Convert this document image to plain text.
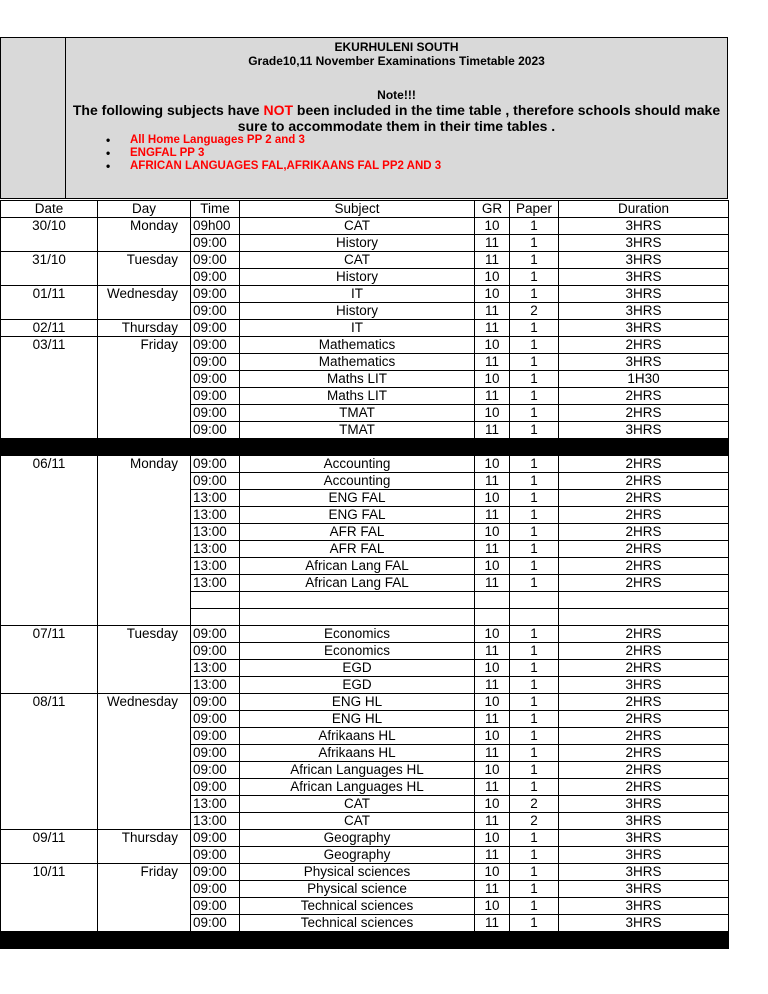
EKURHULENI SOUTH
Grade10,11 November Examinations Timetable 2023
Note!!!
The following subjects have NOT been included in the time table , therefore schools should make
sure to accommodate them in their time tables .
• All Home Languages PP 2 and 3
• ENGFAL PP 3
• AFRICAN LANGUAGES FAL,AFRIKAANS FAL PP2 AND 3
Date	Day	Time	Subject	GR	Paper	Duration
30/10	Monday	09h00	CAT	10	1	3HRS
		09:00	History	11	1	3HRS
31/10	Tuesday	09:00	CAT	11	1	3HRS
		09:00	History	10	1	3HRS
01/11	Wednesday	09:00	IT	10	1	3HRS
		09:00	History	11	2	3HRS
02/11	Thursday	09:00	IT	11	1	3HRS
03/11	Friday	09:00	Mathematics	10	1	2HRS
		09:00	Mathematics	11	1	3HRS
		09:00	Maths LIT	10	1	1H30
		09:00	Maths LIT	11	1	2HRS
		09:00	TMAT	10	1	2HRS
		09:00	TMAT	11	1	3HRS

06/11	Monday	09:00	Accounting	10	1	2HRS
		09:00	Accounting	11	1	2HRS
		13:00	ENG FAL	10	1	2HRS
		13:00	ENG FAL	11	1	2HRS
		13:00	AFR FAL	10	1	2HRS
		13:00	AFR FAL	11	1	2HRS
		13:00	African Lang FAL	10	1	2HRS
		13:00	African Lang FAL	11	1	2HRS

07/11	Tuesday	09:00	Economics	10	1	2HRS
		09:00	Economics	11	1	2HRS
		13:00	EGD	10	1	2HRS
		13:00	EGD	11	1	3HRS
08/11	Wednesday	09:00	ENG HL	10	1	2HRS
		09:00	ENG HL	11	1	2HRS
		09:00	Afrikaans HL	10	1	2HRS
		09:00	Afrikaans HL	11	1	2HRS
		09:00	African Languages HL	10	1	2HRS
		09:00	African Languages HL	11	1	2HRS
		13:00	CAT	10	2	3HRS
		13:00	CAT	11	2	3HRS
09/11	Thursday	09:00	Geography	10	1	3HRS
		09:00	Geography	11	1	3HRS
10/11	Friday	09:00	Physical sciences	10	1	3HRS
		09:00	Physical science	11	1	3HRS
		09:00	Technical sciences	10	1	3HRS
		09:00	Technical sciences	11	1	3HRS
